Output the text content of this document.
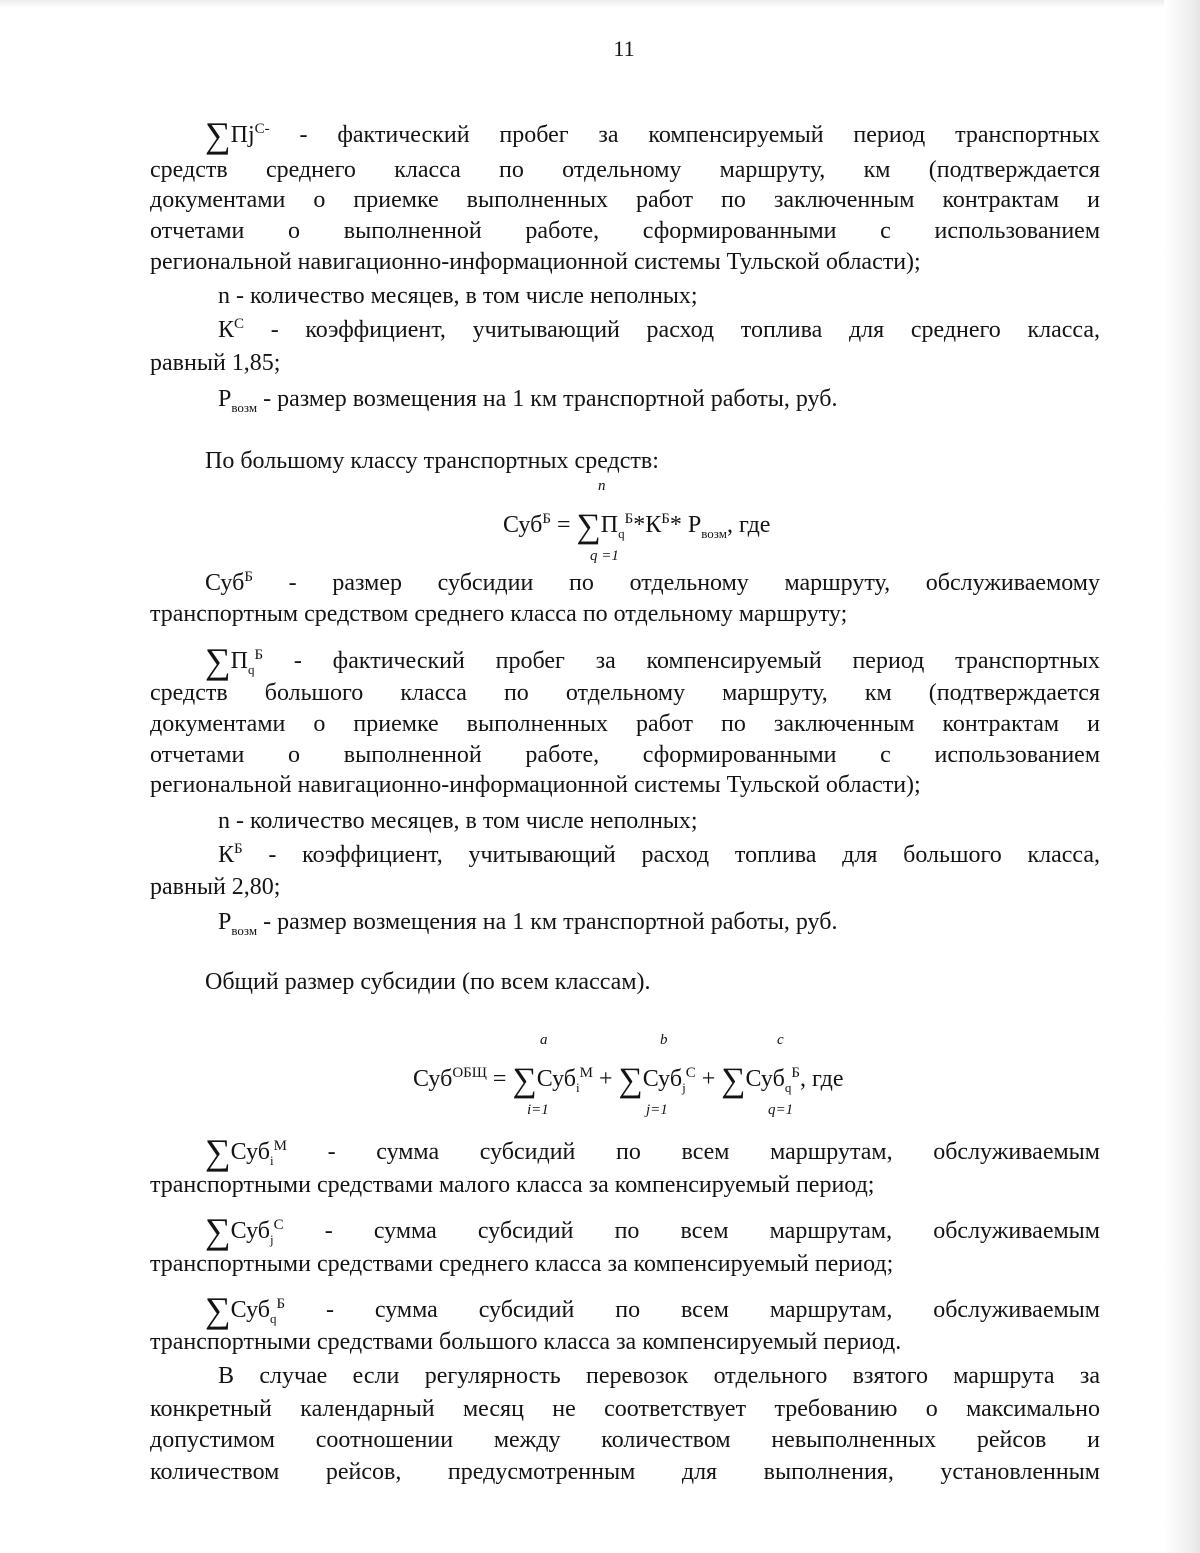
11
$\sum Пj^{С-}$ - фактический пробег за компенсируемый период транспортных
средств среднего класса по отдельному маршруту, км (подтверждается
документами о приемке выполненных работ по заключенным контрактам и
отчетами о выполненной работе, сформированными с использованием
региональной навигационно-информационной системы Тульской области);
n - количество месяцев, в том числе неполных;
$К^С$ - коэффициент, учитывающий расход топлива для среднего класса,
равный 1,85;
$Р_{возм}$ - размер возмещения на 1 км транспортной работы, руб.
По большому классу транспортных средств:
n
$Суб^Б = \sum П_q^Б*К^Б*$ $Р_{возм}$, где
q =1
Суб$^Б$ - размер субсидии по отдельному маршруту, обслуживаемому
транспортным средством среднего класса по отдельному маршруту;
$\sum П_q^Б$ - фактический пробег за компенсируемый период транспортных
средств большого класса по отдельному маршруту, км (подтверждается
документами о приемке выполненных работ по заключенным контрактам и
отчетами о выполненной работе, сформированными с использованием
региональной навигационно-информационной системы Тульской области);
n - количество месяцев, в том числе неполных;
$К^Б$ - коэффициент, учитывающий расход топлива для большого класса,
равный 2,80;
$Р_{возм}$ - размер возмещения на 1 км транспортной работы, руб.
Общий размер субсидии (по всем классам).
a	b	c
Суб$^{ОБЩ}$ = ∑Суб$_i^М$ + ∑Суб$_j^С$ + ∑Суб$_q^Б$, где
i=1	j=1	q=1
∑Суб$_i^М$ - сумма субсидий по всем маршрутам, обслуживаемым
транспортными средствами малого класса за компенсируемый период;
∑Суб$_j^С$ - сумма субсидий по всем маршрутам, обслуживаемым
транспортными средствами среднего класса за компенсируемый период;
∑Суб$_q^Б$ - сумма субсидий по всем маршрутам, обслуживаемым
транспортными средствами большого класса за компенсируемый период.
В случае если регулярность перевозок отдельного взятого маршрута за
конкретный календарный месяц не соответствует требованию о максимально
допустимом соотношении между количеством невыполненных рейсов и
количеством рейсов, предусмотренным для выполнения, установленным
